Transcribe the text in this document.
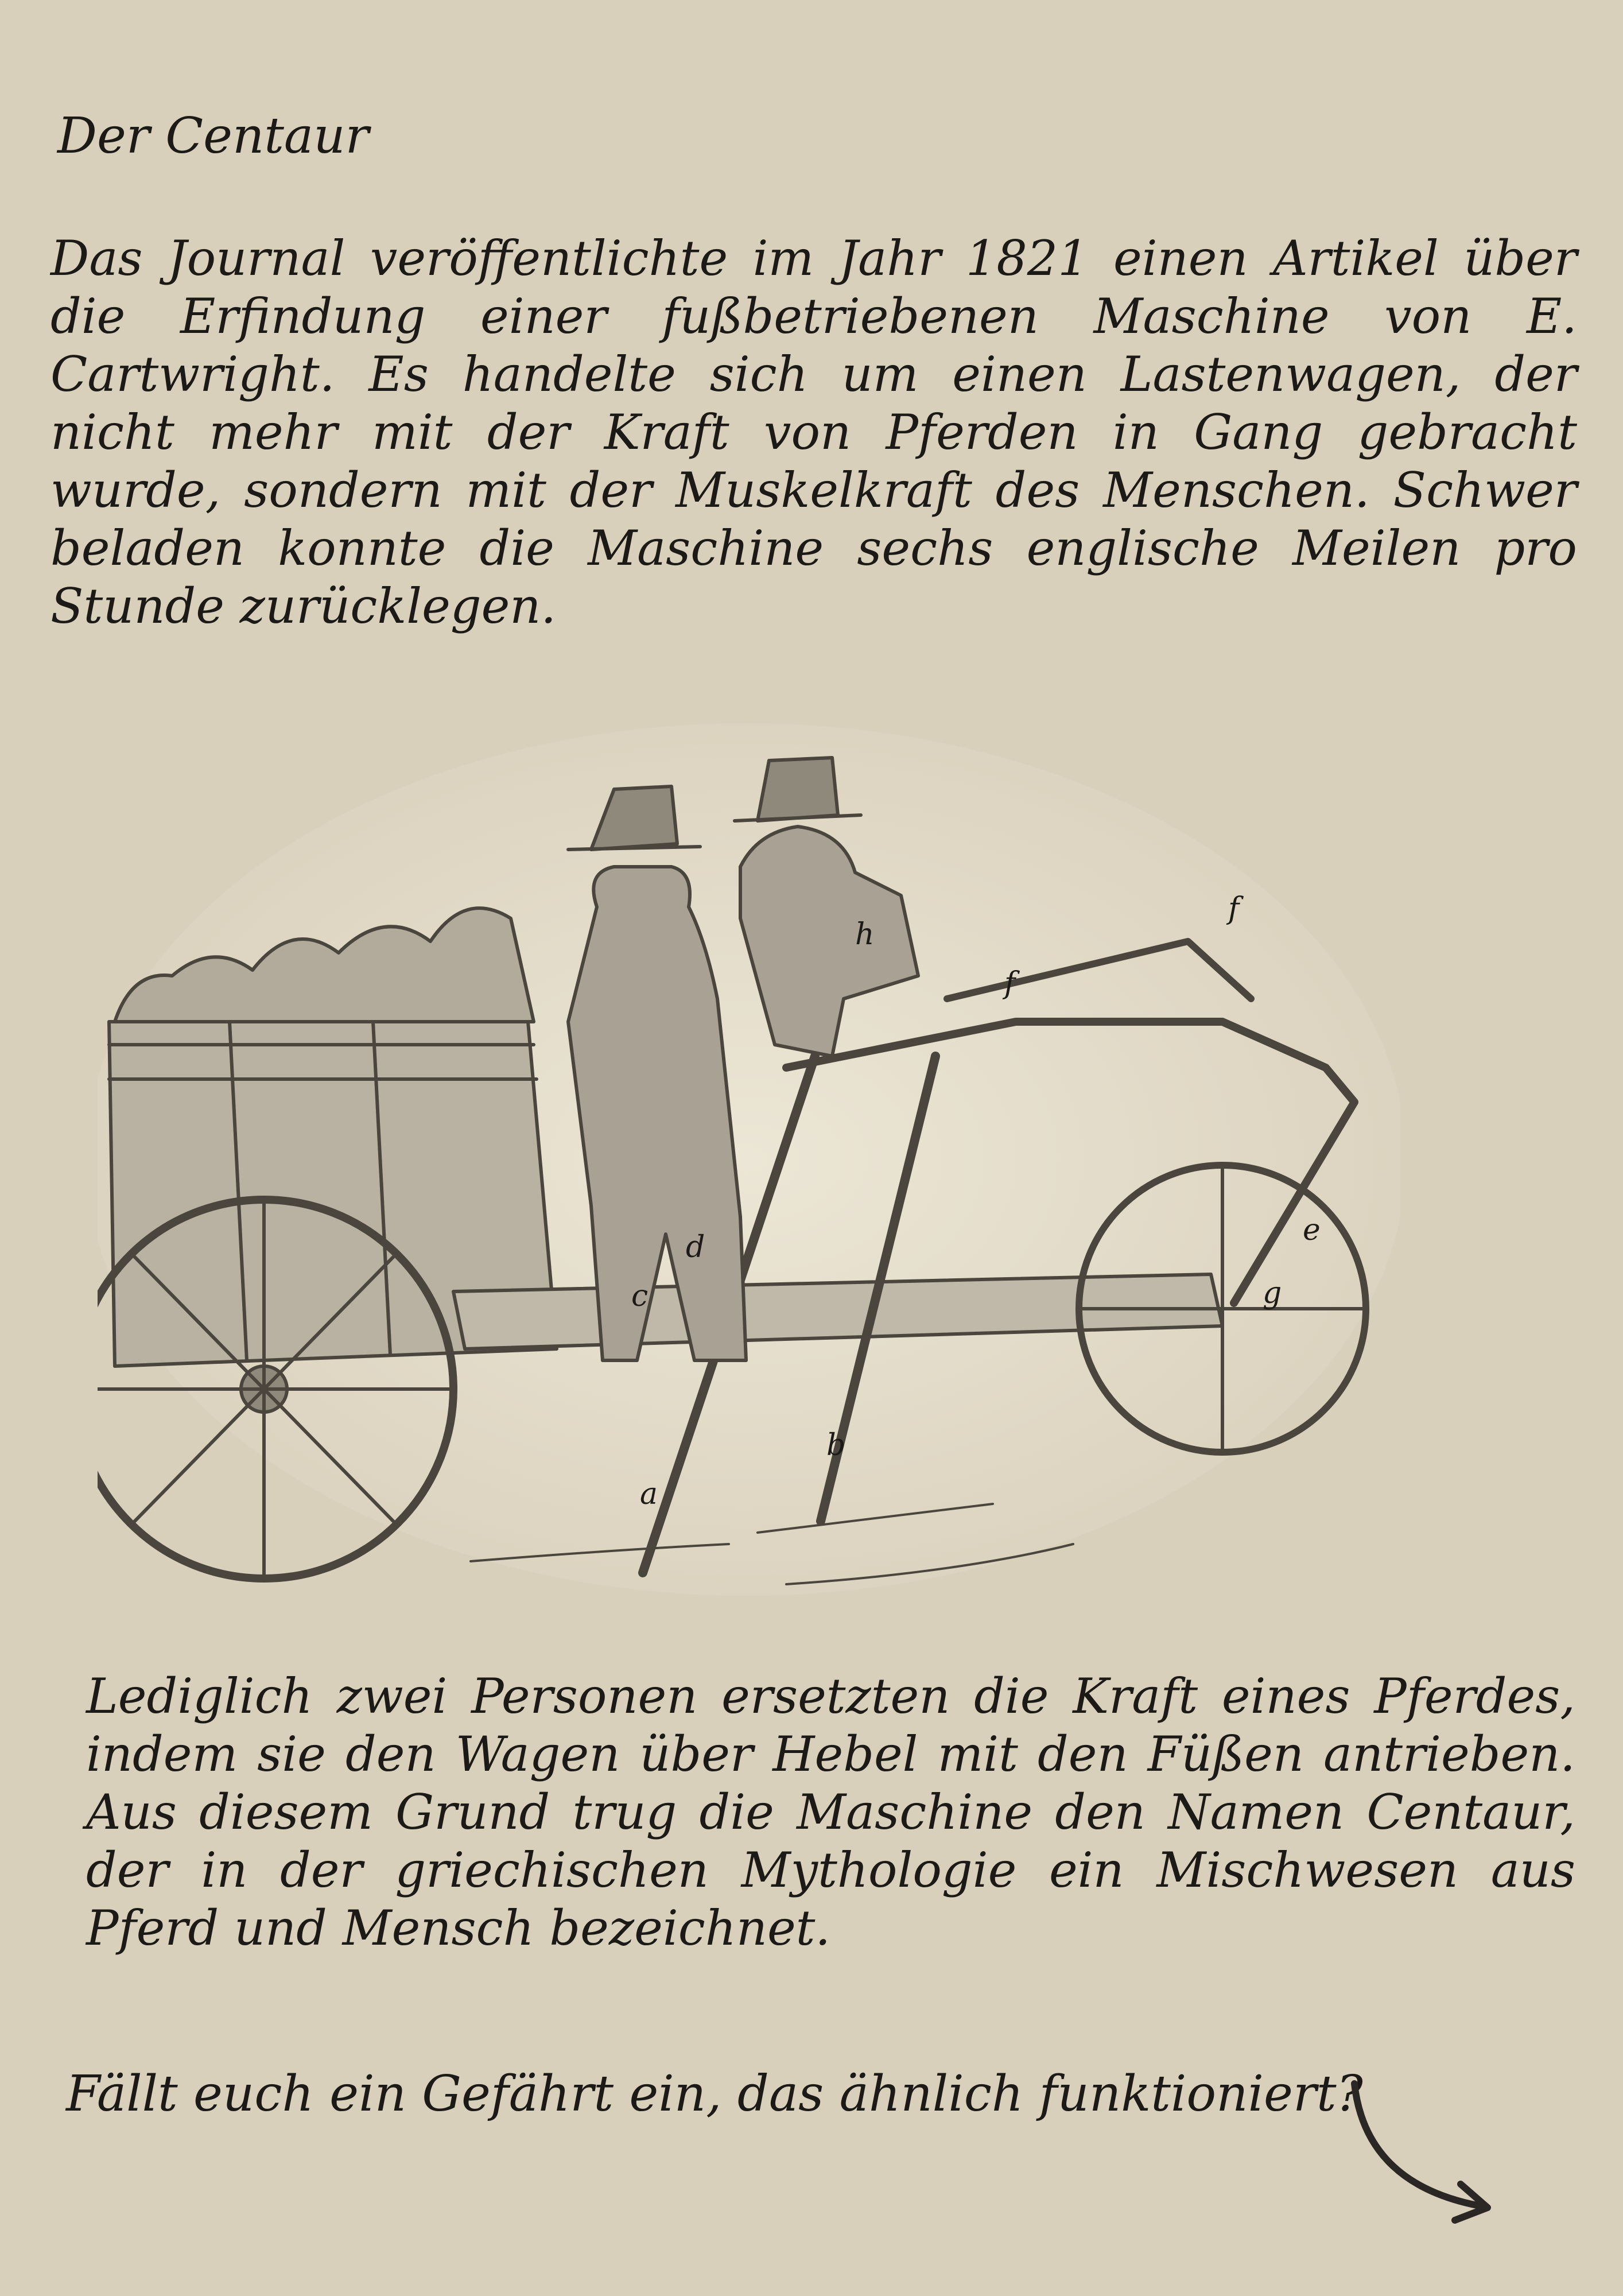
Der Centaur
Das Journal veröffentlichte im Jahr 1821 einen Artikel über die Erfindung einer fußbetriebenen Maschine von E. Cartwright. Es handelte sich um einen Lastenwagen, der nicht mehr mit der Kraft von Pferden in Gang gebracht wurde, sondern mit der Muskelkraft des Menschen. Schwer beladen konnte die Maschine sechs englische Meilen pro Stunde zurücklegen.
a
b
c
d	e
f
f
g
h
Lediglich zwei Personen ersetzten die Kraft eines Pferdes, indem sie den Wagen über Hebel mit den Füßen antrieben. Aus diesem Grund trug die Maschine den Namen Centaur, der in der griechischen Mythologie ein Mischwesen aus Pferd und Mensch bezeichnet.
Fällt euch ein Gefährt ein, das ähnlich funktioniert?
